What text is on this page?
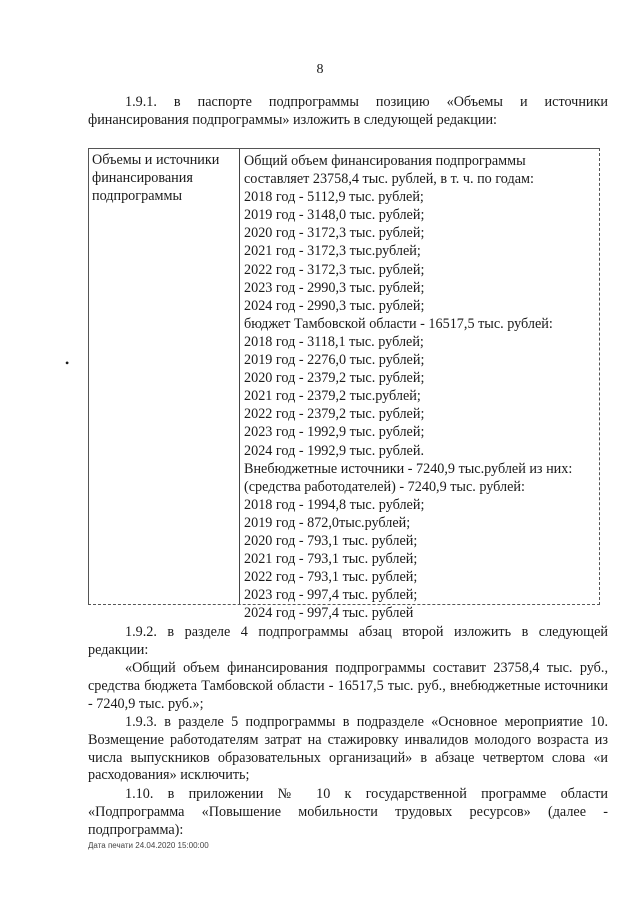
8

1.9.1. в паспорте подпрограммы позицию «Объемы и источники финансирования подпрограммы» изложить в следующей редакции:

Объемы и источники финансирования подпрограммы
Общий объем финансирования подпрограммы
составляет 23758,4 тыс. рублей, в т. ч. по годам:
2018 год - 5112,9 тыс. рублей;
2019 год - 3148,0 тыс. рублей;
2020 год - 3172,3 тыс. рублей;
2021 год - 3172,3 тыс.рублей;
2022 год - 3172,3 тыс. рублей;
2023 год - 2990,3 тыс. рублей;
2024 год - 2990,3 тыс. рублей;
бюджет Тамбовской области - 16517,5 тыс. рублей:
2018 год - 3118,1 тыс. рублей;
2019 год - 2276,0 тыс. рублей;
2020 год - 2379,2 тыс. рублей;
2021 год - 2379,2 тыс.рублей;
2022 год - 2379,2 тыс. рублей;
2023 год - 1992,9 тыс. рублей;
2024 год - 1992,9 тыс. рублей.
Внебюджетные источники - 7240,9 тыс.рублей из них:
(средства работодателей) - 7240,9 тыс. рублей:
2018 год - 1994,8 тыс. рублей;
2019 год - 872,0тыс.рублей;
2020 год - 793,1 тыс. рублей;
2021 год - 793,1 тыс. рублей;
2022 год - 793,1 тыс. рублей;
2023 год - 997,4 тыс. рублей;
2024 год - 997,4 тыс. рублей
•

1.9.2. в разделе 4 подпрограммы абзац второй изложить в следующей редакции:

«Общий объем финансирования подпрограммы составит 23758,4 тыс. руб., средства бюджета Тамбовской области - 16517,5 тыс. руб., внебюджетные источники - 7240,9 тыс. руб.»;

1.9.3. в разделе 5 подпрограммы в подразделе «Основное мероприятие 10. Возмещение работодателям затрат на стажировку инвалидов молодого возраста из числа выпускников образовательных организаций» в абзаце четвертом слова «и расходования» исключить;

1.10. в приложении № 10 к государственной программе области «Подпрограмма «Повышение мобильности трудовых ресурсов» (далее - подпрограмма):

Дата печати 24.04.2020 15:00:00
